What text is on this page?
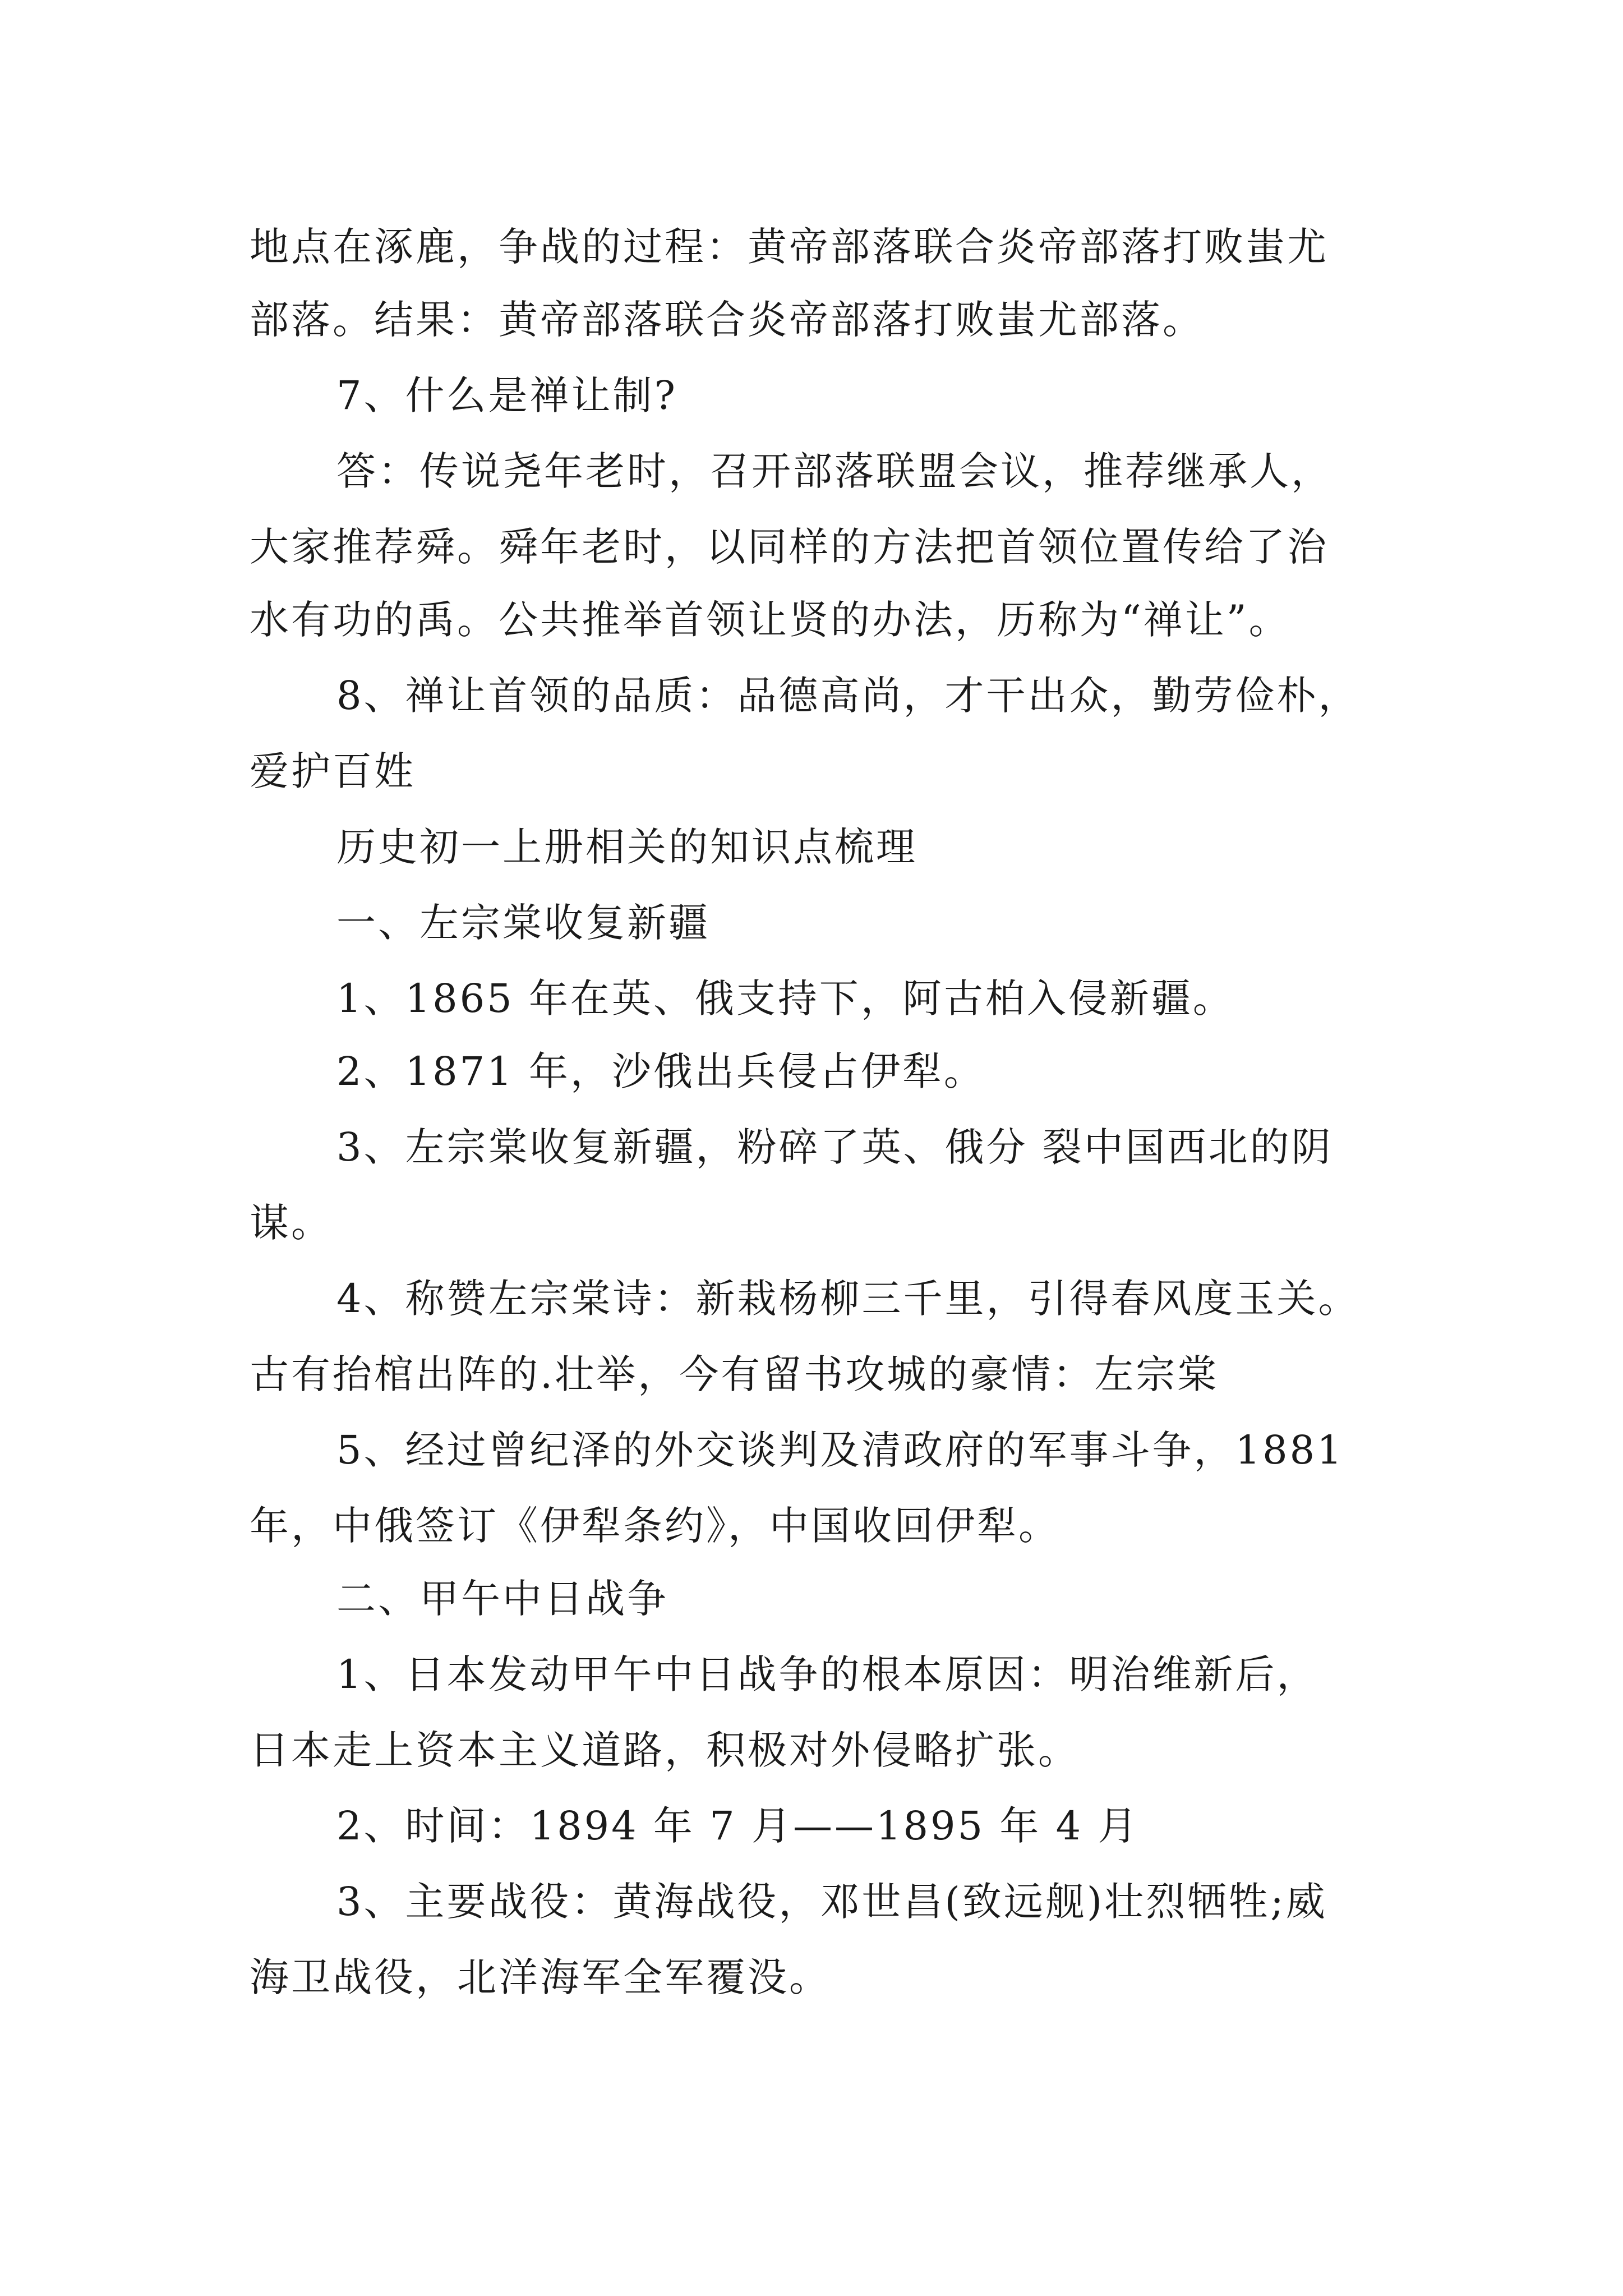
地点在涿鹿，争战的过程：黄帝部落联合炎帝部落打败蚩尤
部落。结果：黄帝部落联合炎帝部落打败蚩尤部落。
7、什么是禅让制?
答：传说尧年老时，召开部落联盟会议，推荐继承人，
大家推荐舜。舜年老时，以同样的方法把首领位置传给了治
水有功的禹。公共推举首领让贤的办法，历称为“禅让”。
8、禅让首领的品质：品德高尚，才干出众，勤劳俭朴，
爱护百姓
历史初一上册相关的知识点梳理
一、左宗棠收复新疆
1、1865 年在英、俄支持下，阿古柏入侵新疆。
2、1871 年，沙俄出兵侵占伊犁。
3、左宗棠收复新疆，粉碎了英、俄分 裂中国西北的阴
谋。
4、称赞左宗棠诗：新栽杨柳三千里，引得春风度玉关。
古有抬棺出阵的.壮举，今有留书攻城的豪情：左宗棠
5、经过曾纪泽的外交谈判及清政府的军事斗争，1881
年，中俄签订《伊犁条约》，中国收回伊犁。
二、甲午中日战争
1、日本发动甲午中日战争的根本原因：明治维新后，
日本走上资本主义道路，积极对外侵略扩张。
2、时间：1894 年 7 月——1895 年 4 月
3、主要战役：黄海战役，邓世昌(致远舰)壮烈牺牲;威
海卫战役，北洋海军全军覆没。
